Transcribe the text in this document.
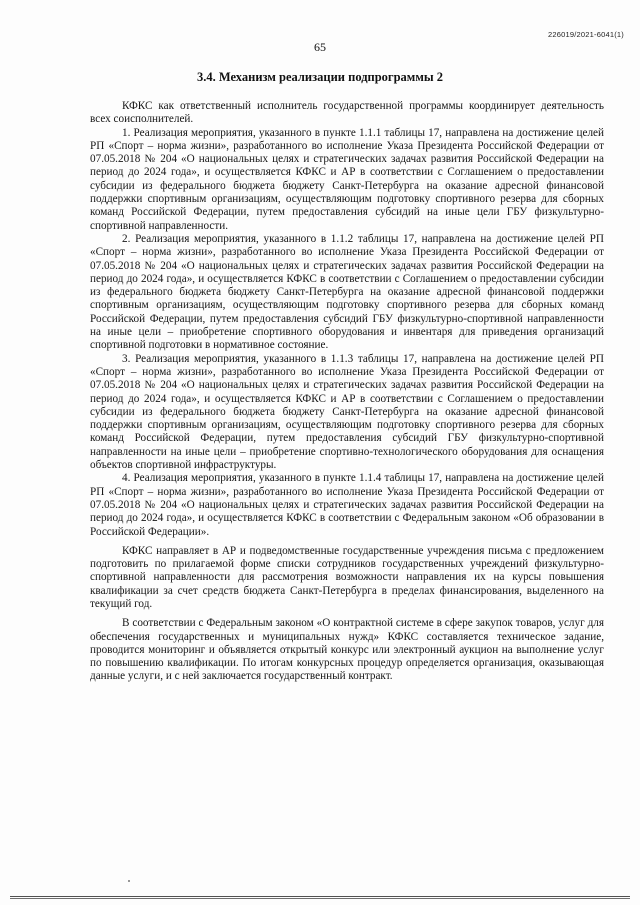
226019/2021-6041(1)
65
3.4. Механизм реализации подпрограммы 2

КФКС как ответственный исполнитель государственной программы координирует деятельность всех соисполнителей.

1. Реализация мероприятия, указанного в пункте 1.1.1 таблицы 17, направлена на достижение целей РП «Спорт – норма жизни», разработанного во исполнение Указа Президента Российской Федерации от 07.05.2018 № 204 «О национальных целях и стратегических задачах развития Российской Федерации на период до 2024 года», и осуществляется КФКС и АР в соответствии с Соглашением о предоставлении субсидии из федерального бюджета бюджету Санкт-Петербурга на оказание адресной финансовой поддержки спортивным организациям, осуществляющим подготовку спортивного резерва для сборных команд Российской Федерации, путем предоставления субсидий на иные цели ГБУ физкультурно-спортивной направленности.

2. Реализация мероприятия, указанного в 1.1.2 таблицы 17, направлена на достижение целей РП «Спорт – норма жизни», разработанного во исполнение Указа Президента Российской Федерации от 07.05.2018 № 204 «О национальных целях и стратегических задачах развития Российской Федерации на период до 2024 года», и осуществляется КФКС в соответствии с Соглашением о предоставлении субсидии из федерального бюджета бюджету Санкт-Петербурга на оказание адресной финансовой поддержки спортивным организациям, осуществляющим подготовку спортивного резерва для сборных команд Российской Федерации, путем предоставления субсидий ГБУ физкультурно-спортивной направленности на иные цели – приобретение спортивного оборудования и инвентаря для приведения организаций спортивной подготовки в нормативное состояние.

3. Реализация мероприятия, указанного в 1.1.3 таблицы 17, направлена на достижение целей РП «Спорт – норма жизни», разработанного во исполнение Указа Президента Российской Федерации от 07.05.2018 № 204 «О национальных целях и стратегических задачах развития Российской Федерации на период до 2024 года», и осуществляется КФКС и АР в соответствии с Соглашением о предоставлении субсидии из федерального бюджета бюджету Санкт-Петербурга на оказание адресной финансовой поддержки спортивным организациям, осуществляющим подготовку спортивного резерва для сборных команд Российской Федерации, путем предоставления субсидий ГБУ физкультурно-спортивной направленности на иные цели – приобретение спортивно-технологического оборудования для оснащения объектов спортивной инфраструктуры.

4. Реализация мероприятия, указанного в пункте 1.1.4 таблицы 17, направлена на достижение целей РП «Спорт – норма жизни», разработанного во исполнение Указа Президента Российской Федерации от 07.05.2018 № 204 «О национальных целях и стратегических задачах развития Российской Федерации на период до 2024 года», и осуществляется КФКС в соответствии с Федеральным законом «Об образовании в Российской Федерации».

КФКС направляет в АР и подведомственные государственные учреждения письма с предложением подготовить по прилагаемой форме списки сотрудников государственных учреждений физкультурно-спортивной направленности для рассмотрения возможности направления их на курсы повышения квалификации за счет средств бюджета Санкт-Петербурга в пределах финансирования, выделенного на текущий год.

В соответствии с Федеральным законом «О контрактной системе в сфере закупок товаров, услуг для обеспечения государственных и муниципальных нужд» КФКС составляется техническое задание, проводится мониторинг и объявляется открытый конкурс или электронный аукцион на выполнение услуг по повышению квалификации. По итогам конкурсных процедур определяется организация, оказывающая данные услуги, и с ней заключается государственный контракт.
